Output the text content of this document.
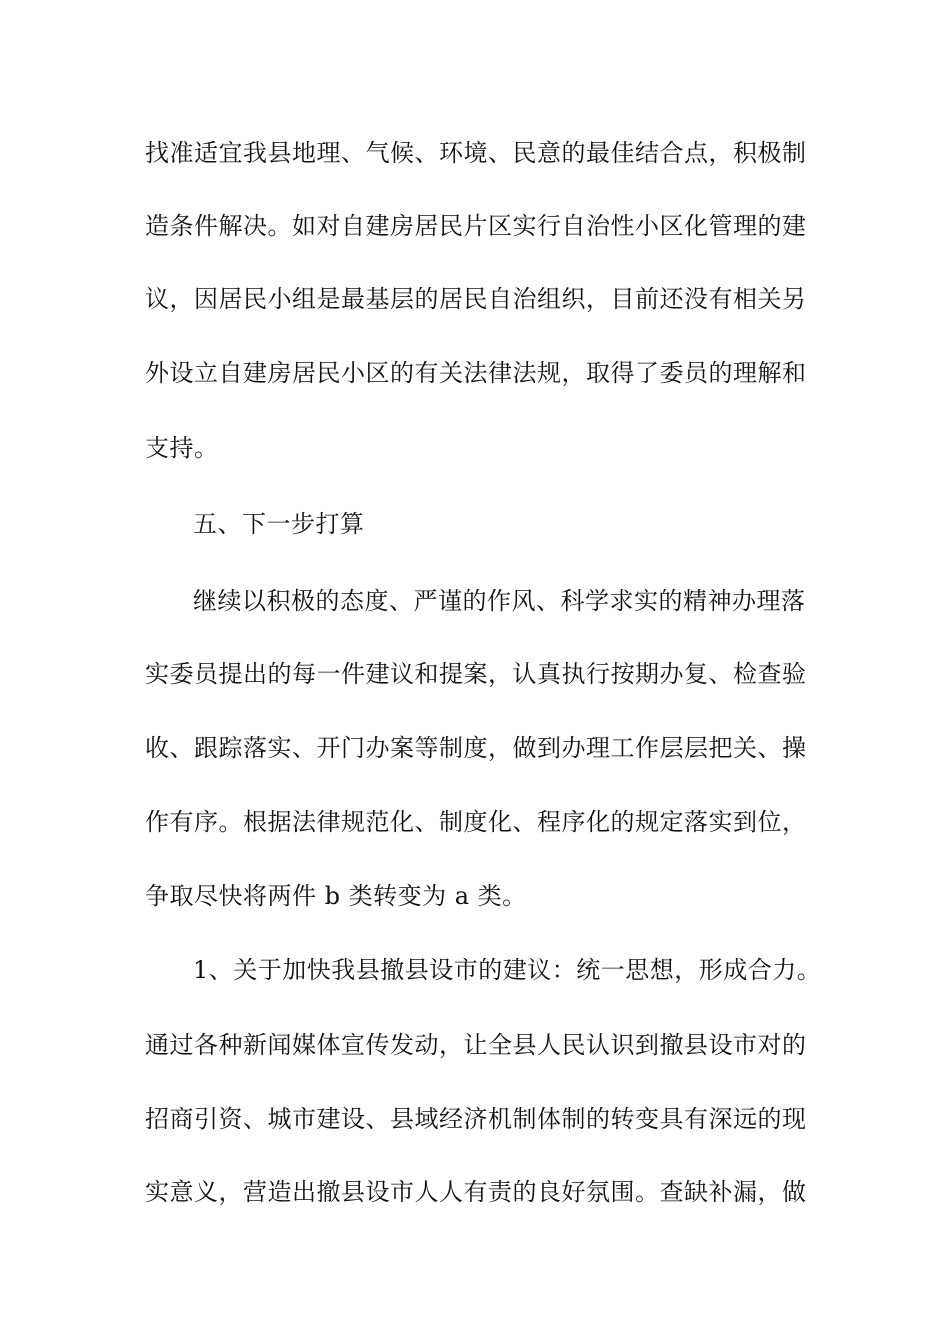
找准适宜我县地理、气候、环境、民意的最佳结合点，积极制

造条件解决。如对自建房居民片区实行自治性小区化管理的建

议，因居民小组是最基层的居民自治组织，目前还没有相关另

外设立自建房居民小区的有关法律法规，取得了委员的理解和

支持。

五、下一步打算

继续以积极的态度、严谨的作风、科学求实的精神办理落

实委员提出的每一件建议和提案，认真执行按期办复、检查验

收、跟踪落实、开门办案等制度，做到办理工作层层把关、操

作有序。根据法律规范化、制度化、程序化的规定落实到位，

争取尽快将两件 b 类转变为 a 类。

1、关于加快我县撤县设市的建议：统一思想，形成合力。

通过各种新闻媒体宣传发动，让全县人民认识到撤县设市对的

招商引资、城市建设、县域经济机制体制的转变具有深远的现

实意义，营造出撤县设市人人有责的良好氛围。查缺补漏，做
